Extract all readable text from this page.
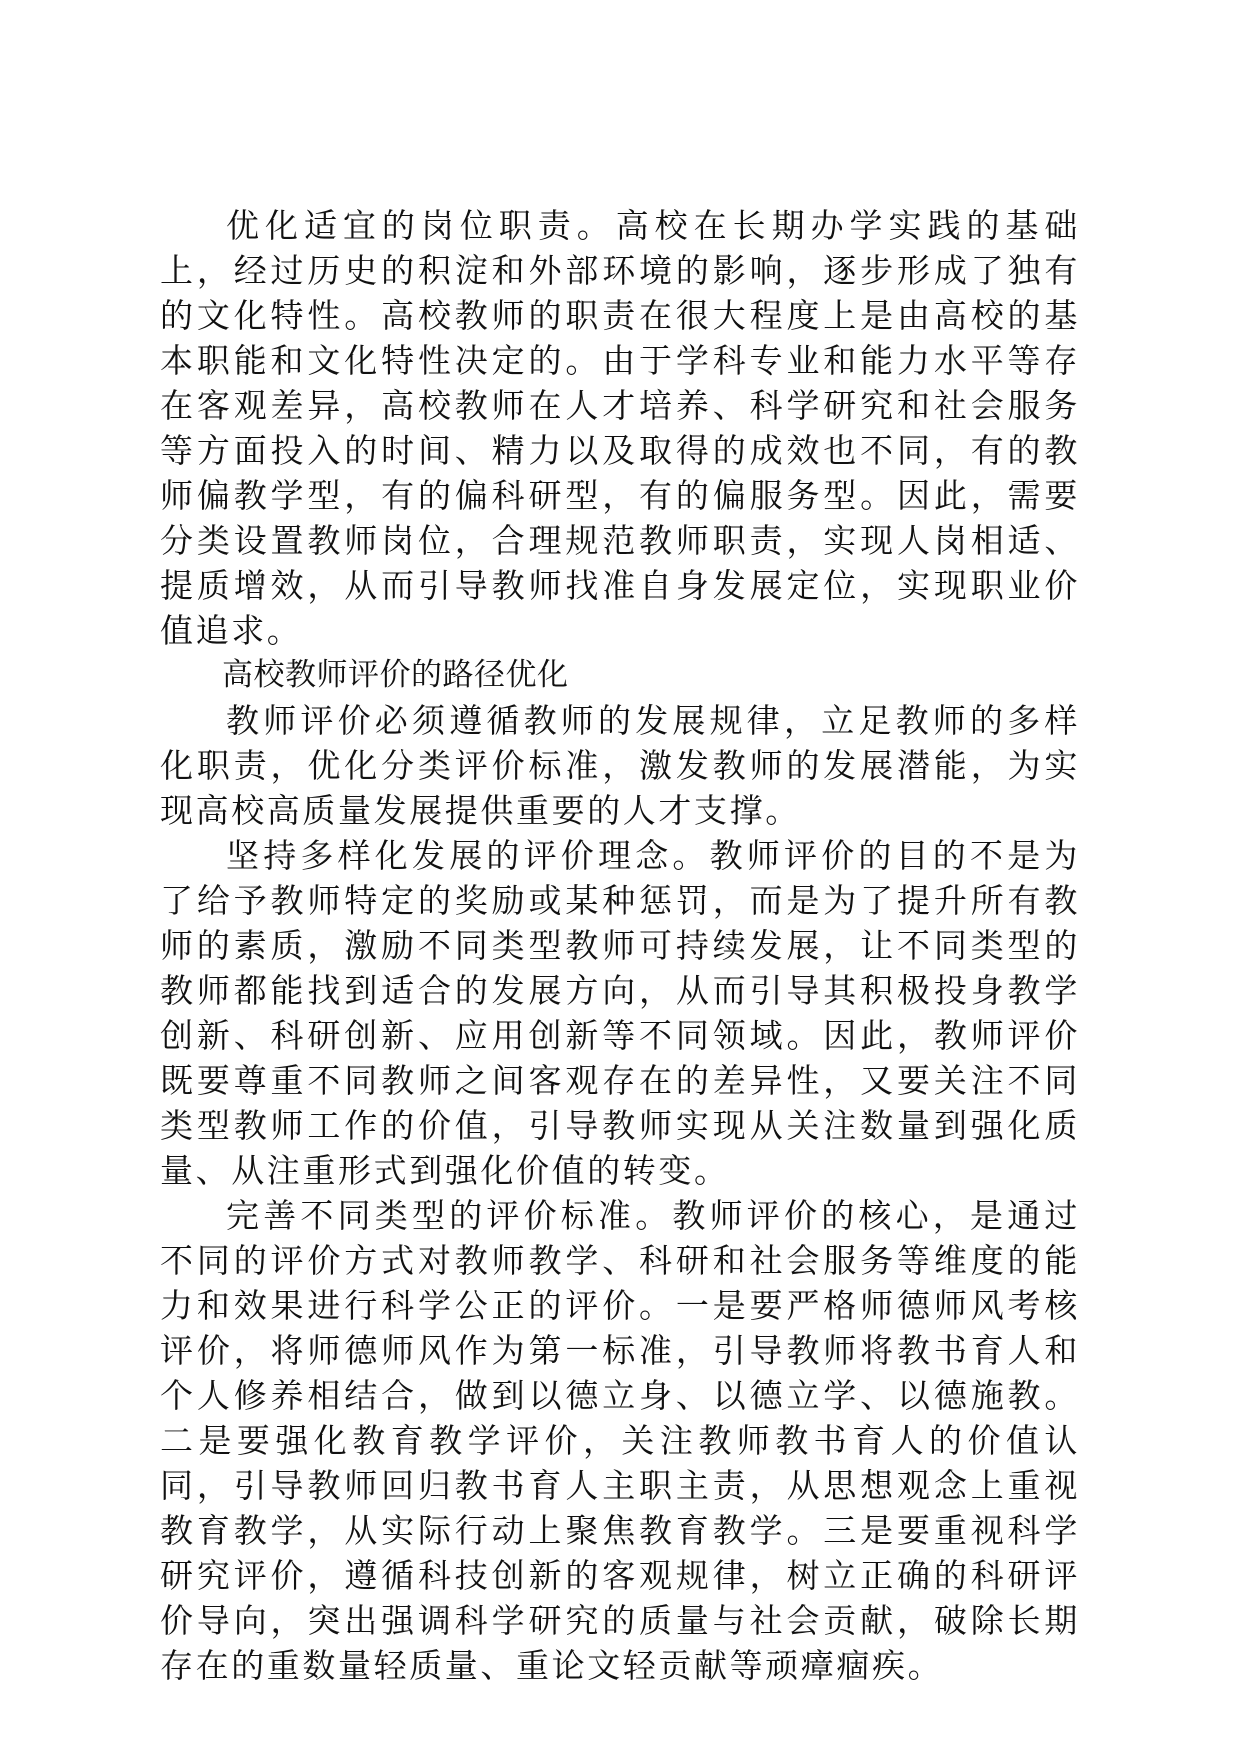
优化适宜的岗位职责。高校在长期办学实践的基础上，经过历史的积淀和外部环境的影响，逐步形成了独有的文化特性。高校教师的职责在很大程度上是由高校的基本职能和文化特性决定的。由于学科专业和能力水平等存在客观差异，高校教师在人才培养、科学研究和社会服务等方面投入的时间、精力以及取得的成效也不同，有的教师偏教学型，有的偏科研型，有的偏服务型。因此，需要分类设置教师岗位，合理规范教师职责，实现人岗相适、提质增效，从而引导教师找准自身发展定位，实现职业价值追求。

高校教师评价的路径优化

教师评价必须遵循教师的发展规律，立足教师的多样化职责，优化分类评价标准，激发教师的发展潜能，为实现高校高质量发展提供重要的人才支撑。

坚持多样化发展的评价理念。教师评价的目的不是为了给予教师特定的奖励或某种惩罚，而是为了提升所有教师的素质，激励不同类型教师可持续发展，让不同类型的教师都能找到适合的发展方向，从而引导其积极投身教学创新、科研创新、应用创新等不同领域。因此，教师评价既要尊重不同教师之间客观存在的差异性，又要关注不同类型教师工作的价值，引导教师实现从关注数量到强化质量、从注重形式到强化价值的转变。

完善不同类型的评价标准。教师评价的核心，是通过不同的评价方式对教师教学、科研和社会服务等维度的能力和效果进行科学公正的评价。一是要严格师德师风考核评价，将师德师风作为第一标准，引导教师将教书育人和个人修养相结合，做到以德立身、以德立学、以德施教。二是要强化教育教学评价，关注教师教书育人的价值认同，引导教师回归教书育人主职主责，从思想观念上重视教育教学，从实际行动上聚焦教育教学。三是要重视科学研究评价，遵循科技创新的客观规律，树立正确的科研评价导向，突出强调科学研究的质量与社会贡献，破除长期存在的重数量轻质量、重论文轻贡献等顽瘴痼疾。
